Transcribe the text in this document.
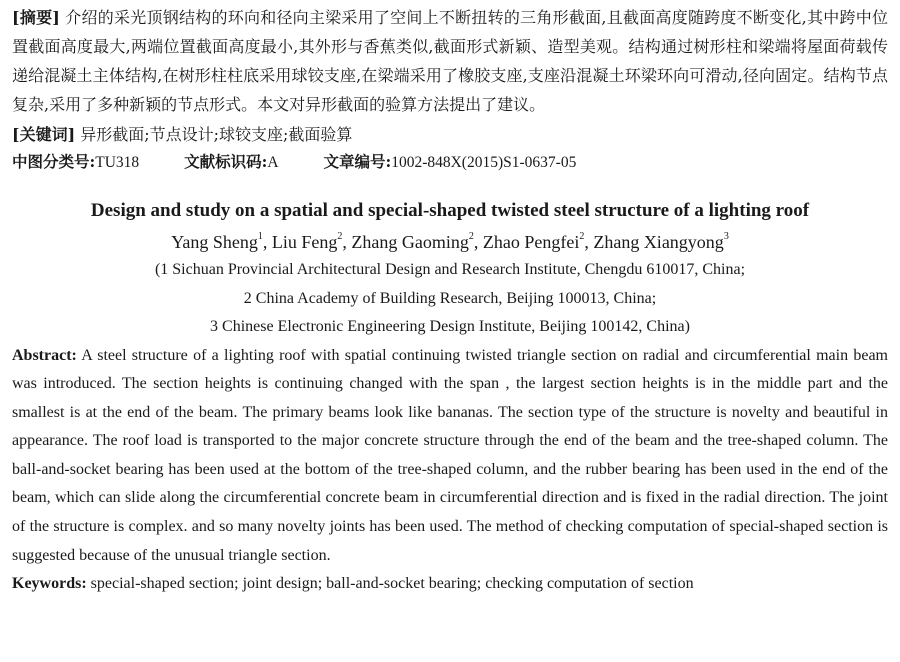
[摘要] 介绍的采光顶钢结构的环向和径向主梁采用了空间上不断扭转的三角形截面,且截面高度随跨度不断变化,其中跨中位置截面高度最大,两端位置截面高度最小,其外形与香蕉类似,截面形式新颖、造型美观。结构通过树形柱和梁端将屋面荷载传递给混凝土主体结构,在树形柱柱底采用球铰支座,在梁端采用了橡胶支座,支座沿混凝土环梁环向可滑动,径向固定。结构节点复杂,采用了多种新颖的节点形式。本文对异形截面的验算方法提出了建议。
[关键词] 异形截面;节点设计;球铰支座;截面验算
中图分类号:TU318	文献标识码:A	文章编号:1002-848X(2015)S1-0637-05
Design and study on a spatial and special-shaped twisted steel structure of a lighting roof
Yang Sheng$^1$, Liu Feng$^2$, Zhang Gaoming$^2$, Zhao Pengfei$^2$, Zhang Xiangyong$^3$
(1 Sichuan Provincial Architectural Design and Research Institute, Chengdu 610017, China;
2 China Academy of Building Research, Beijing 100013, China;
3 Chinese Electronic Engineering Design Institute, Beijing 100142, China)
Abstract: A steel structure of a lighting roof with spatial continuing twisted triangle section on radial and circumferential main beam was introduced. The section heights is continuing changed with the span , the largest section heights is in the middle part and the smallest is at the end of the beam. The primary beams look like bananas. The section type of the structure is novelty and beautiful in appearance. The roof load is transported to the major concrete structure through the end of the beam and the tree-shaped column. The ball-and-socket bearing has been used at the bottom of the tree-shaped column, and the rubber bearing has been used in the end of the beam, which can slide along the circumferential concrete beam in circumferential direction and is fixed in the radial direction. The joint of the structure is complex. and so many novelty joints has been used. The method of checking computation of special-shaped section is suggested because of the unusual triangle section.
Keywords: special-shaped section; joint design; ball-and-socket bearing; checking computation of section
